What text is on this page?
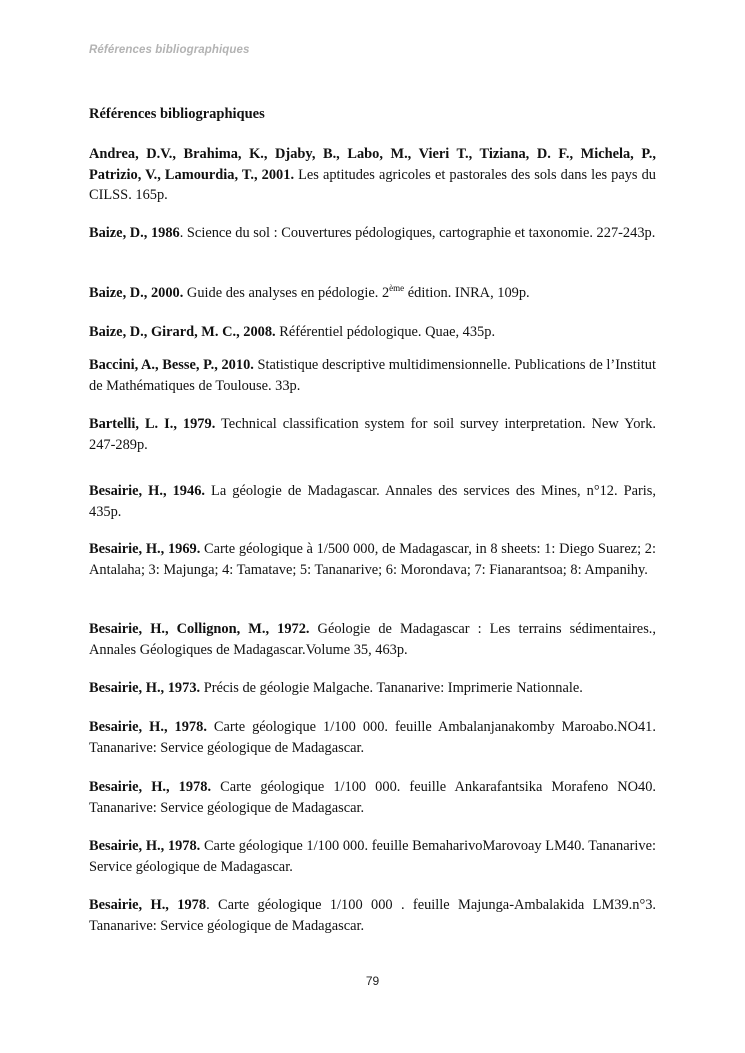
Références bibliographiques
Références bibliographiques

Andrea, D.V., Brahima, K., Djaby, B., Labo, M., Vieri T., Tiziana, D. F., Michela, P., Patrizio, V., Lamourdia, T., 2001. Les aptitudes agricoles et pastorales des sols dans les pays du CILSS. 165p.

Baize, D., 1986. Science du sol : Couvertures pédologiques, cartographie et taxonomie. 227-243p.

Baize, D., 2000. Guide des analyses en pédologie. 2ème édition. INRA, 109p.

Baize, D., Girard, M. C., 2008. Référentiel pédologique. Quae, 435p.

Baccini, A., Besse, P., 2010. Statistique descriptive multidimensionnelle. Publications de l’Institut de Mathématiques de Toulouse. 33p.

Bartelli, L. I., 1979. Technical classification system for soil survey interpretation. New York. 247-289p.

Besairie, H., 1946. La géologie de Madagascar. Annales des services des Mines, n°12. Paris, 435p.

Besairie, H., 1969. Carte géologique à 1/500 000, de Madagascar, in 8 sheets: 1: Diego Suarez; 2: Antalaha; 3: Majunga; 4: Tamatave; 5: Tananarive; 6: Morondava; 7: Fianarantsoa; 8: Ampanihy.

Besairie, H., Collignon, M., 1972. Géologie de Madagascar : Les terrains sédimentaires., Annales Géologiques de Madagascar.Volume 35, 463p.

Besairie, H., 1973. Précis de géologie Malgache. Tananarive: Imprimerie Nationnale.

Besairie, H., 1978. Carte géologique 1/100 000. feuille Ambalanjanakomby Maroabo.NO41. Tananarive: Service géologique de Madagascar.

Besairie, H., 1978. Carte géologique 1/100 000. feuille Ankarafantsika Morafeno NO40. Tananarive: Service géologique de Madagascar.

Besairie, H., 1978. Carte géologique 1/100 000. feuille BemaharivoMarovoay LM40. Tananarive: Service géologique de Madagascar.

Besairie, H., 1978. Carte géologique 1/100 000 . feuille Majunga-Ambalakida LM39.n°3. Tananarive: Service géologique de Madagascar.

79
